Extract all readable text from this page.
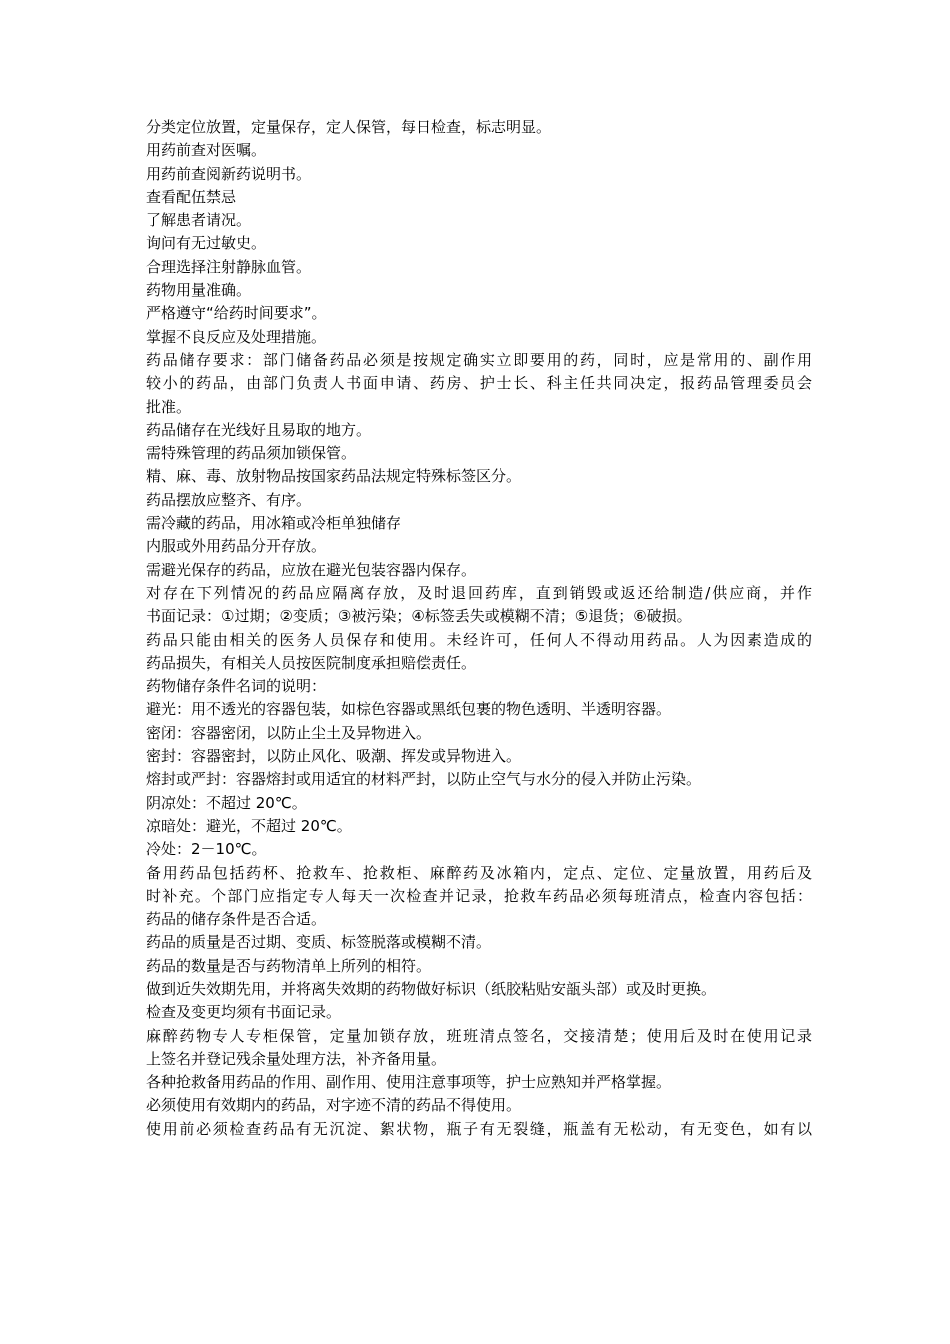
分类定位放置，定量保存，定人保管，每日检查，标志明显。
用药前查对医嘱。
用药前查阅新药说明书。
查看配伍禁忌
了解患者请况。
询问有无过敏史。
合理选择注射静脉血管。
药物用量准确。
严格遵守“给药时间要求”。
掌握不良反应及处理措施。
药品储存要求：部门储备药品必须是按规定确实立即要用的药，同时，应是常用的、副作用
较小的药品，由部门负责人书面申请、药房、护士长、科主任共同决定，报药品管理委员会
批准。
药品储存在光线好且易取的地方。
需特殊管理的药品须加锁保管。
精、麻、毒、放射物品按国家药品法规定特殊标签区分。
药品摆放应整齐、有序。
需冷藏的药品，用冰箱或冷柜单独储存
内服或外用药品分开存放。
需避光保存的药品，应放在避光包装容器内保存。
对存在下列情况的药品应隔离存放，及时退回药库，直到销毁或返还给制造/供应商，并作
书面记录：①过期；②变质；③被污染；④标签丢失或模糊不清；⑤退货；⑥破损。
药品只能由相关的医务人员保存和使用。未经许可，任何人不得动用药品。人为因素造成的
药品损失，有相关人员按医院制度承担赔偿责任。
药物储存条件名词的说明：
避光：用不透光的容器包装，如棕色容器或黑纸包裹的物色透明、半透明容器。
密闭：容器密闭，以防止尘土及异物进入。
密封：容器密封，以防止风化、吸潮、挥发或异物进入。
熔封或严封：容器熔封或用适宜的材料严封，以防止空气与水分的侵入并防止污染。
阴凉处：不超过 20℃。
凉暗处：避光，不超过 20℃。
冷处：2－10℃。
备用药品包括药杯、抢救车、抢救柜、麻醉药及冰箱内，定点、定位、定量放置，用药后及
时补充。个部门应指定专人每天一次检查并记录，抢救车药品必须每班清点，检查内容包括：
药品的储存条件是否合适。
药品的质量是否过期、变质、标签脱落或模糊不清。
药品的数量是否与药物清单上所列的相符。
做到近失效期先用，并将离失效期的药物做好标识（纸胶粘贴安瓿头部）或及时更换。
检查及变更均须有书面记录。
麻醉药物专人专柜保管，定量加锁存放，班班清点签名，交接清楚；使用后及时在使用记录
上签名并登记残余量处理方法，补齐备用量。
各种抢救备用药品的作用、副作用、使用注意事项等，护士应熟知并严格掌握。
必须使用有效期内的药品，对字迹不清的药品不得使用。
使用前必须检查药品有无沉淀、絮状物，瓶子有无裂缝，瓶盖有无松动，有无变色，如有以
